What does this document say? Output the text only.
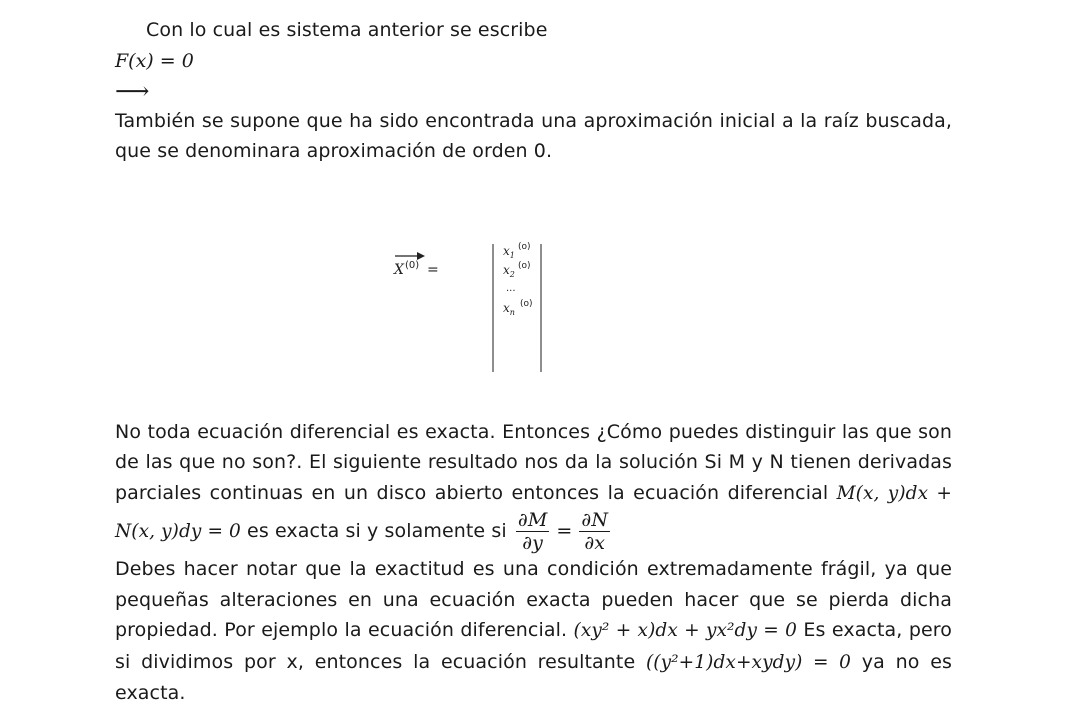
Con lo cual es sistema anterior se escribe

F(x) = 0
⟶

También se supone que ha sido encontrada una aproximación inicial a la raíz buscada, que se denominara aproximación de orden 0.

X (0) =
$x_1$
(o)
$x_2$
(o)
...
$x_n$
(o)

No toda ecuación diferencial es exacta. Entonces ¿Cómo puedes distinguir las que son de las que no son?. El siguiente resultado nos da la solución Si M y N tienen derivadas parciales continuas en un disco abierto entonces la ecuación diferencial M(x, y)dx + N(x, y)dy = 0 es exacta si y solamente si $\frac{\partial M}{\partial y} = \frac{\partial N}{\partial x}$

Debes hacer notar que la exactitud es una condición extremadamente frágil, ya que pequeñas alteraciones en una ecuación exacta pueden hacer que se pierda dicha propiedad. Por ejemplo la ecuación diferencial. (xy² + x)dx + yx²dy = 0 Es exacta, pero si dividimos por x, entonces la ecuación resultante ((y²+1)dx+xydy) = 0 ya no es exacta.
